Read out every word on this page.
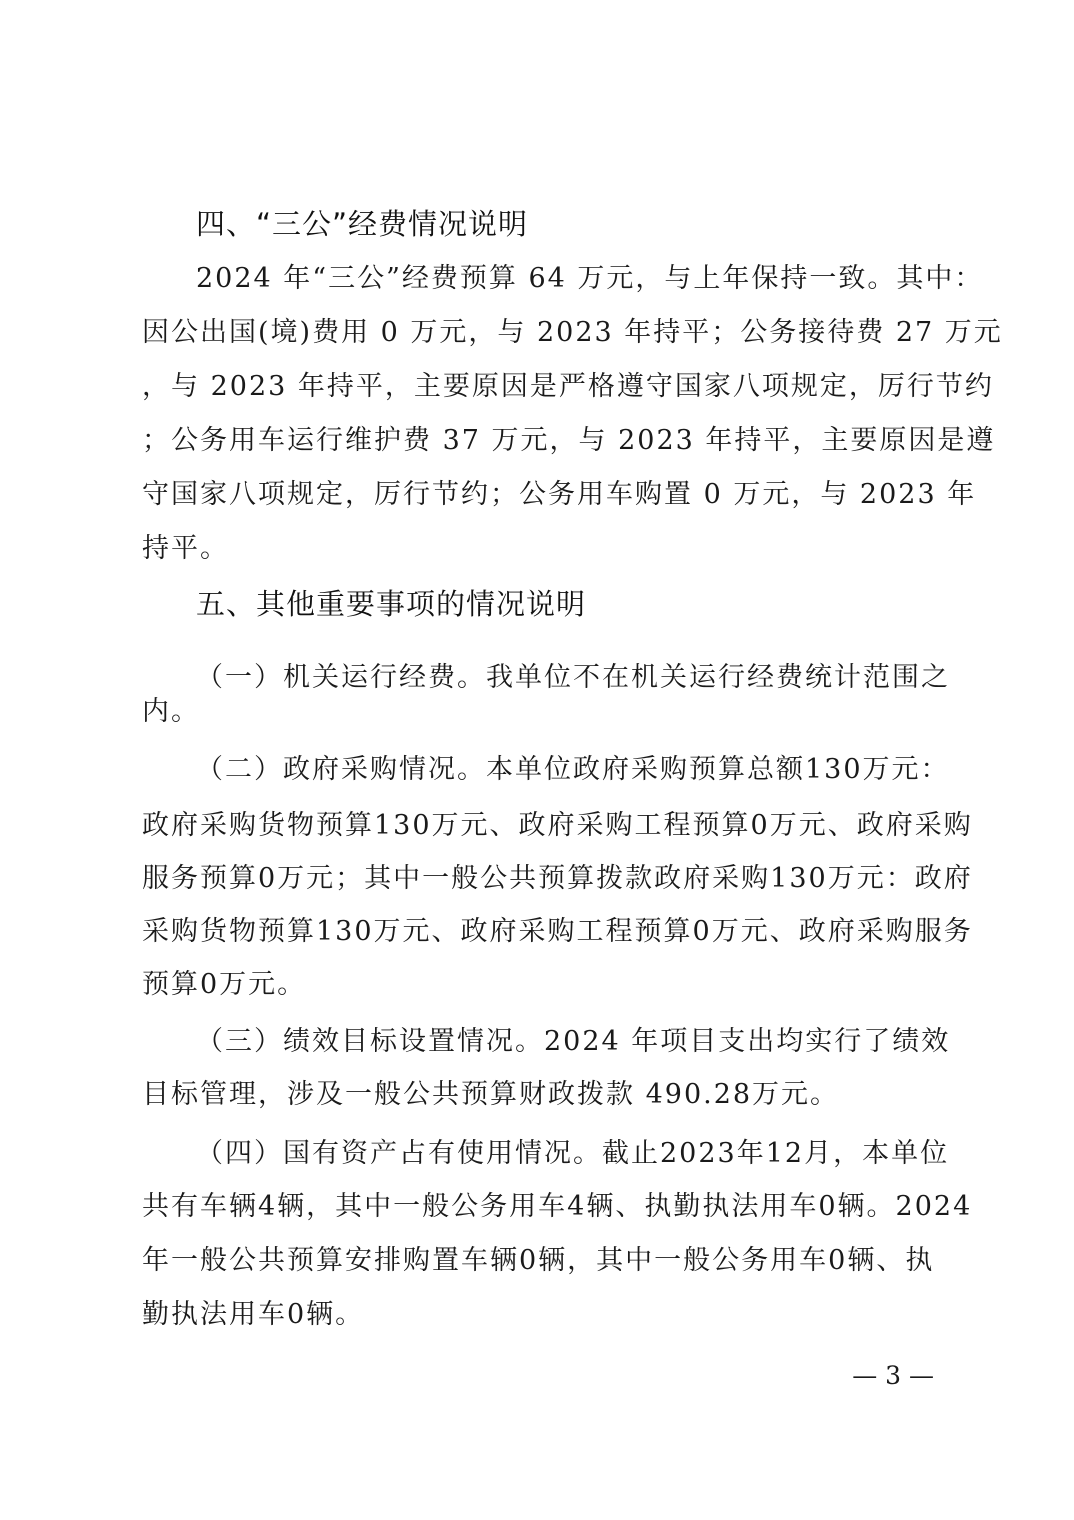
四、“三公”经费情况说明
2024 年“三公”经费预算 64 万元，与上年保持一致。其中：
因公出国(境)费用 0 万元，与 2023 年持平；公务接待费 27 万元
，与 2023 年持平，主要原因是严格遵守国家八项规定，厉行节约
；公务用车运行维护费 37 万元，与 2023 年持平，主要原因是遵
守国家八项规定，厉行节约；公务用车购置 0 万元，与 2023 年
持平。
五、其他重要事项的情况说明
（一）机关运行经费。我单位不在机关运行经费统计范围之
内。
（二）政府采购情况。本单位政府采购预算总额130万元：
政府采购货物预算130万元、政府采购工程预算0万元、政府采购
服务预算0万元；其中一般公共预算拨款政府采购130万元：政府
采购货物预算130万元、政府采购工程预算0万元、政府采购服务
预算0万元。
（三）绩效目标设置情况。2024 年项目支出均实行了绩效
目标管理，涉及一般公共预算财政拨款 490.28万元。
（四）国有资产占有使用情况。截止2023年12月，本单位
共有车辆4辆，其中一般公务用车4辆、执勤执法用车0辆。2024
年一般公共预算安排购置车辆0辆，其中一般公务用车0辆、执
勤执法用车0辆。
— 3 —
